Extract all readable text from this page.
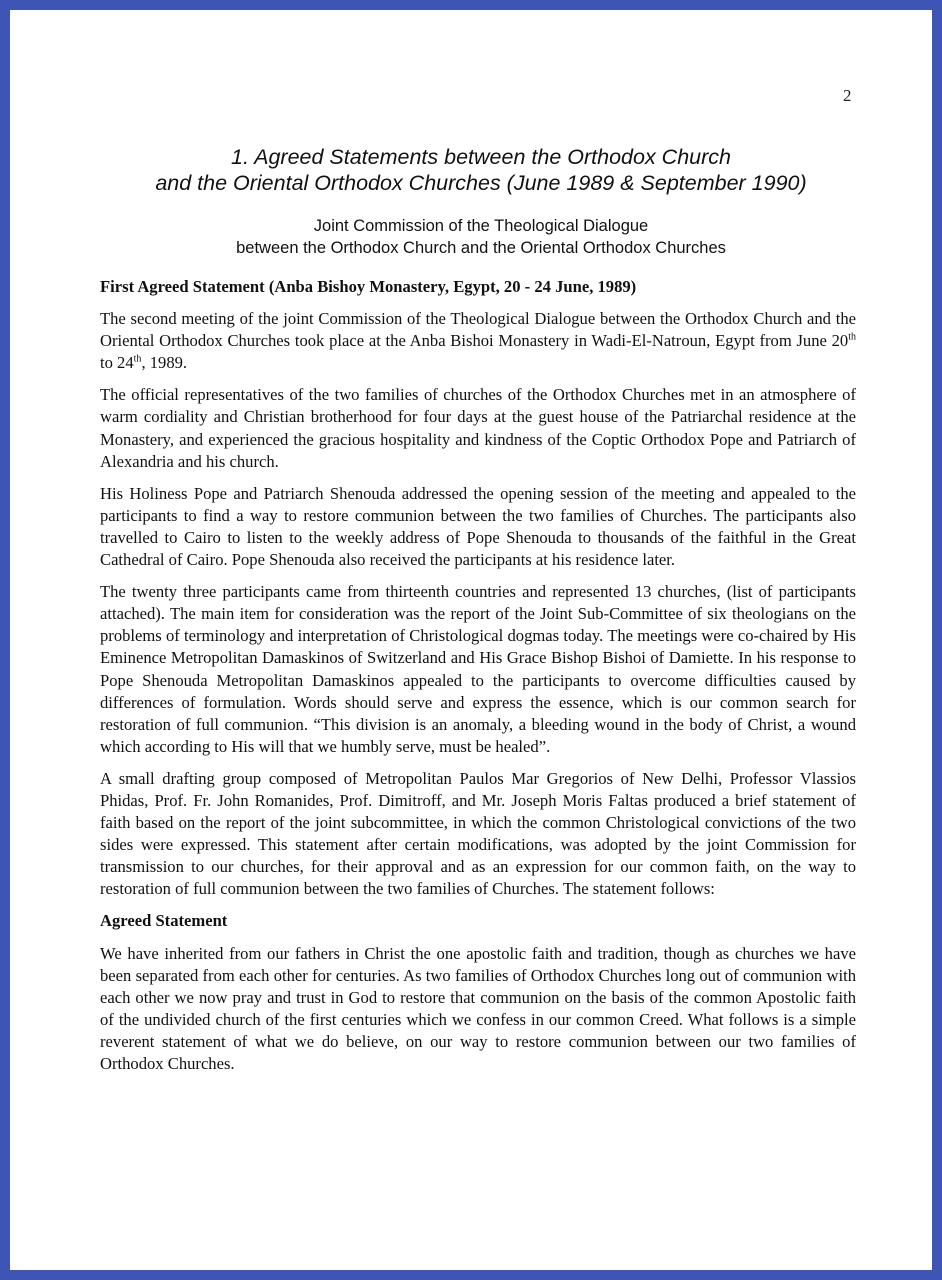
2
1. Agreed Statements between the Orthodox Church
and the Oriental Orthodox Churches (June 1989 & September 1990)
Joint Commission of the Theological Dialogue
between the Orthodox Church and the Oriental Orthodox Churches
First Agreed Statement (Anba Bishoy Monastery, Egypt, 20 - 24 June, 1989)

The second meeting of the joint Commission of the Theological Dialogue between the Orthodox Church and the Oriental Orthodox Churches took place at the Anba Bishoi Monastery in Wadi-El-Natroun, Egypt from June 20th to 24th, 1989.

The official representatives of the two families of churches of the Orthodox Churches met in an atmosphere of warm cordiality and Christian brotherhood for four days at the guest house of the Patriarchal residence at the Monastery, and experienced the gracious hospitality and kindness of the Coptic Orthodox Pope and Patriarch of Alexandria and his church.

His Holiness Pope and Patriarch Shenouda addressed the opening session of the meeting and appealed to the participants to find a way to restore communion between the two families of Churches. The participants also travelled to Cairo to listen to the weekly address of Pope Shenouda to thousands of the faithful in the Great Cathedral of Cairo. Pope Shenouda also received the participants at his residence later.

The twenty three participants came from thirteenth countries and represented 13 churches, (list of participants attached). The main item for consideration was the report of the Joint Sub-Committee of six theologians on the problems of terminology and interpretation of Christological dogmas today. The meetings were co-chaired by His Eminence Metropolitan Damaskinos of Switzerland and His Grace Bishop Bishoi of Damiette. In his response to Pope Shenouda Metropolitan Damaskinos appealed to the participants to overcome difficulties caused by differences of formulation. Words should serve and express the essence, which is our common search for restoration of full communion. “This division is an anomaly, a bleeding wound in the body of Christ, a wound which according to His will that we humbly serve, must be healed”.

A small drafting group composed of Metropolitan Paulos Mar Gregorios of New Delhi, Professor Vlassios Phidas, Prof. Fr. John Romanides, Prof. Dimitroff, and Mr. Joseph Moris Faltas produced a brief statement of faith based on the report of the joint subcommittee, in which the common Christological convictions of the two sides were expressed. This statement after certain modifications, was adopted by the joint Commission for transmission to our churches, for their approval and as an expression for our common faith, on the way to restoration of full communion between the two families of Churches. The statement follows:

Agreed Statement

We have inherited from our fathers in Christ the one apostolic faith and tradition, though as churches we have been separated from each other for centuries. As two families of Orthodox Churches long out of communion with each other we now pray and trust in God to restore that communion on the basis of the common Apostolic faith of the undivided church of the first centuries which we confess in our common Creed. What follows is a simple reverent statement of what we do believe, on our way to restore communion between our two families of Orthodox Churches.
